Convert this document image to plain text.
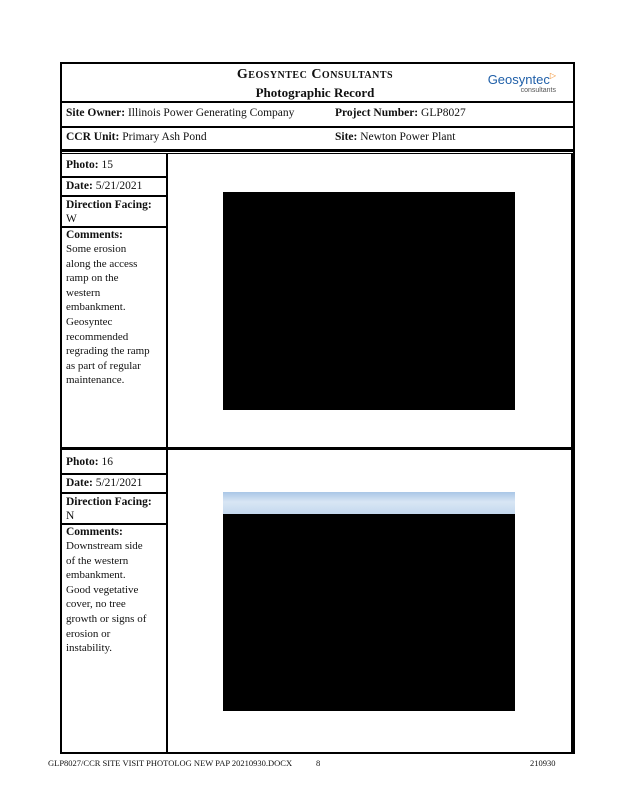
Geosyntec Consultants
Photographic Record
Geosyntec▷
consultants
Site Owner: Illinois Power Generating Company	Project Number: GLP8027
CCR Unit: Primary Ash Pond	Site: Newton Power Plant
Photo: 15
Date: 5/21/2021
Direction Facing:
W
Comments:
Some erosion
along the access
ramp on the
western
embankment.
Geosyntec
recommended
regrading the ramp
as part of regular
maintenance.
Photo: 16
Date: 5/21/2021
Direction Facing:
N
Comments:
Downstream side
of the western
embankment.
Good vegetative
cover, no tree
growth or signs of
erosion or
instability.
GLP8027/CCR SITE VISIT PHOTOLOG NEW PAP 20210930.DOCX	8	210930
